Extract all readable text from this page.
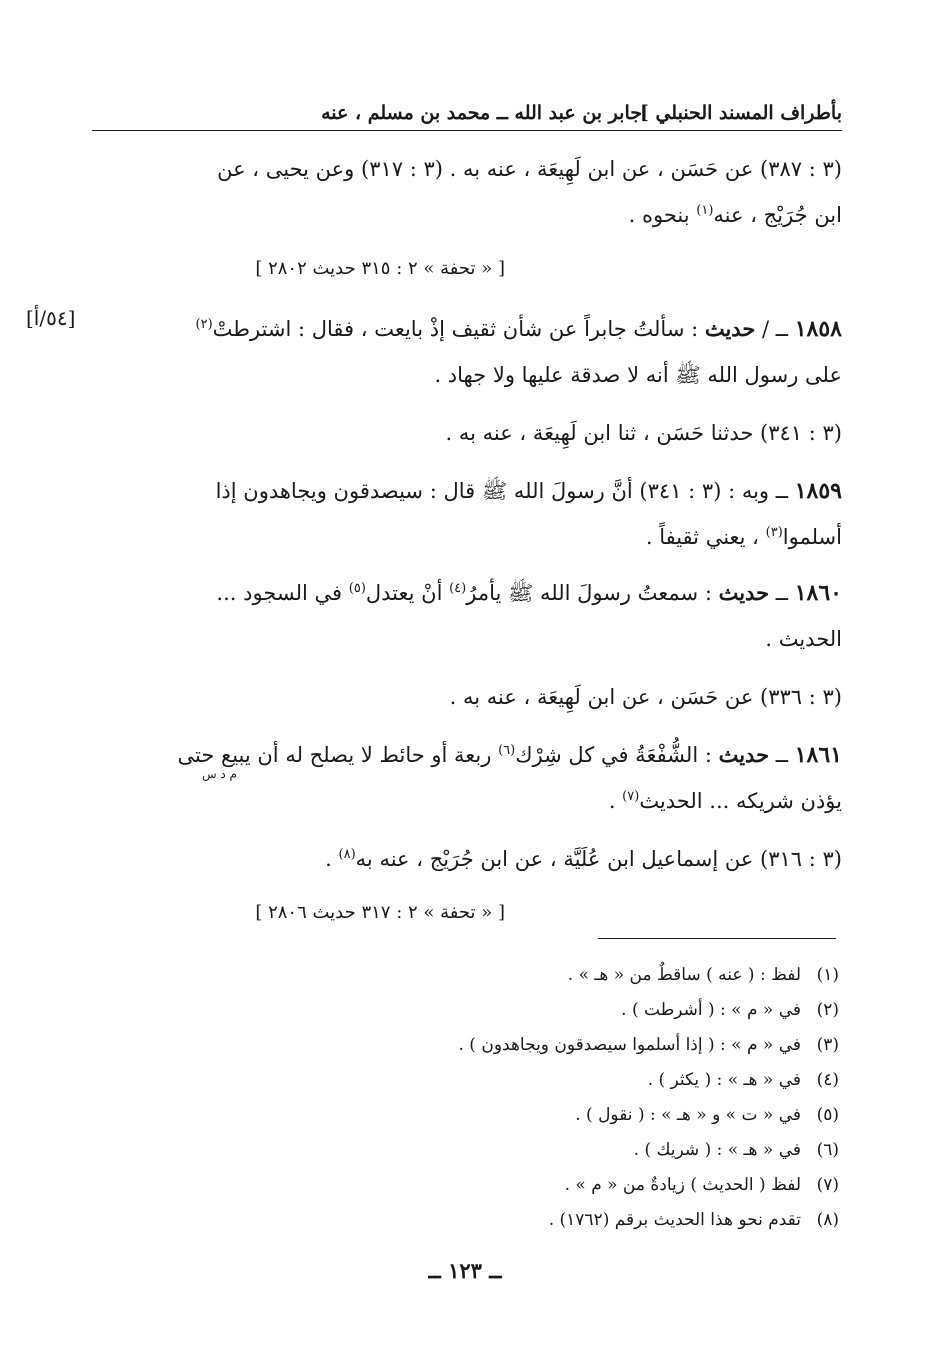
بأطراف المسند الحنبلي ]
جابر بن عبد الله ــ محمد بن مسلم ، عنه

(٣ : ٣٨٧) عن حَسَن ، عن ابن لَهِيعَة ، عنه به . (٣ : ٣١٧) وعن يحيى ، عن

ابن جُرَيْج ، عنه$^{(١)}$ بنحوه .

[ « تحفة » ٢ : ٣١٥ حديث ٢٨٠٢ ]

١٨٥٨ ــ / حديث : سألتُ جابراً عن شأن ثقيف إذْ بايعت ، فقال : اشترطتْ$^{(٢)}$

على رسول الله ﷺ أنه لا صدقة عليها ولا جهاد .

[٥٤/أ]
(٣ : ٣٤١) حدثنا حَسَن ، ثنا ابن لَهِيعَة ، عنه به .

١٨٥٩ ــ وبه : (٣ : ٣٤١) أنَّ رسولَ الله ﷺ قال : سيصدقون ويجاهدون إذا

أسلموا$^{(٣)}$ ، يعني ثقيفاً .

١٨٦٠ ــ حديث : سمعتُ رسولَ الله ﷺ يأمرُ$^{(٤)}$ أنْ يعتدل$^{(٥)}$ في السجود ...

الحديث .

(٣ : ٣٣٦) عن حَسَن ، عن ابن لَهِيعَة ، عنه به .

١٨٦١ ــ حديث : الشُّفْعَةُ في كل شِرْك$^{(٦)}$ ربعة أو حائط لا يصلح له أن يبيع حتى

يؤذن شريكه ... الحديث$^{(٧)}$ .

م د س
(٣ : ٣١٦) عن إسماعيل ابن عُلَيَّة ، عن ابن جُرَيْج ، عنه به$^{(٨)}$ .
[ « تحفة » ٢ : ٣١٧ حديث ٢٨٠٦ ]
(١)لفظ : ( عنه ) ساقطٌ من « هـ » .
(٢)في « م » : ( أشرطت ) .
(٣)في « م » : ( إذا أسلموا سيصدقون ويجاهدون ) .
(٤)في « هـ » : ( يكثر ) .
(٥)في « ت » و « هـ » : ( نقول ) .
(٦)في « هـ » : ( شريك ) .
(٧)لفظ ( الحديث ) زيادةٌ من « م » .
(٨)تقدم نحو هذا الحديث برقم (١٧٦٢) .
ــ ١٢٣ ــ
